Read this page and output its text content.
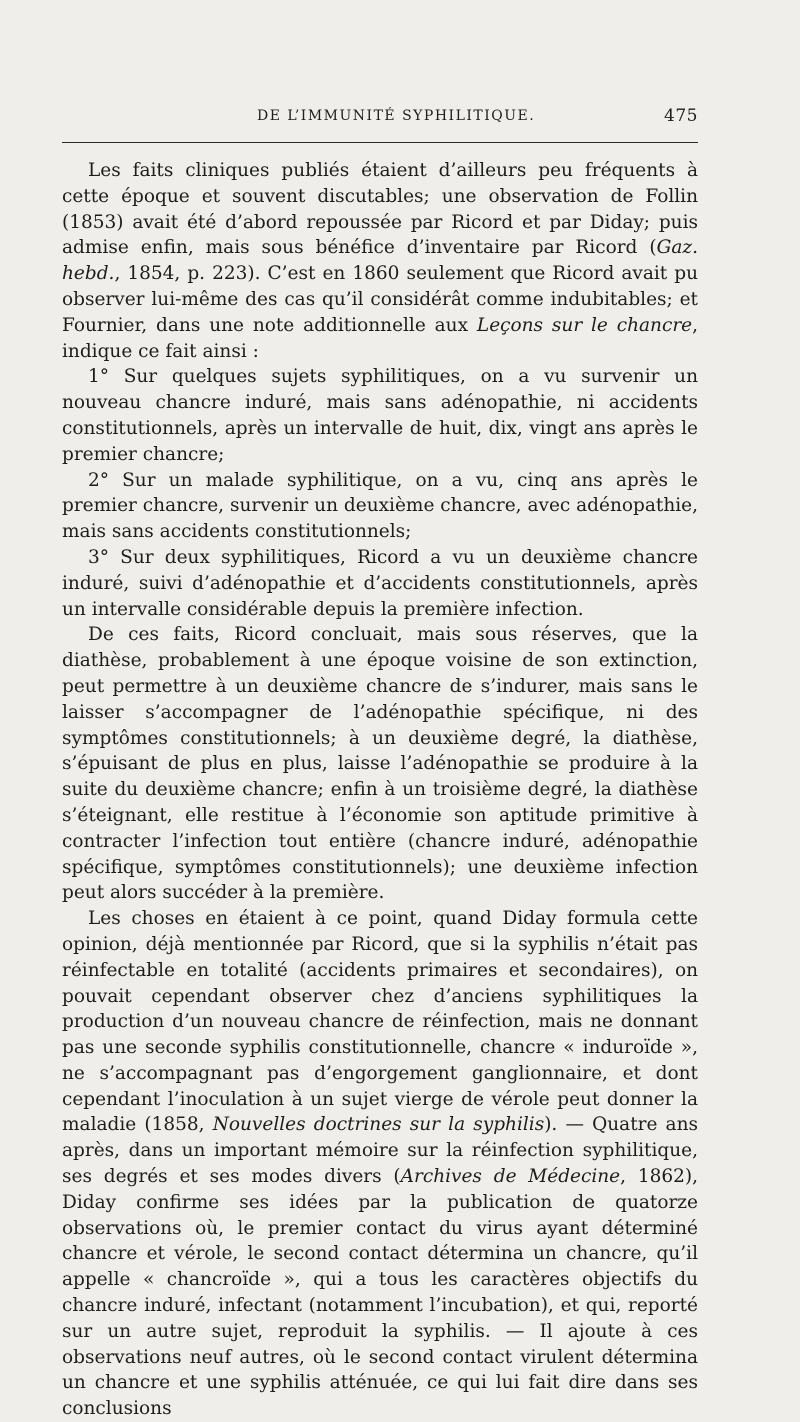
DE L’IMMUNITÉ SYPHILITIQUE.	475

Les faits cliniques publiés étaient d’ailleurs peu fréquents à cette époque et souvent discutables; une observation de Follin (1853) avait été d’abord repoussée par Ricord et par Diday; puis admise enfin, mais sous bénéfice d’inventaire par Ricord (Gaz. hebd., 1854, p. 223). C’est en 1860 seulement que Ricord avait pu observer lui-même des cas qu’il considérât comme indubitables; et Fournier, dans une note additionnelle aux Leçons sur le chancre, indique ce fait ainsi :

1° Sur quelques sujets syphilitiques, on a vu survenir un nouveau chancre induré, mais sans adénopathie, ni accidents constitutionnels, après un intervalle de huit, dix, vingt ans après le premier chancre;

2° Sur un malade syphilitique, on a vu, cinq ans après le premier chancre, survenir un deuxième chancre, avec adénopathie, mais sans accidents constitutionnels;

3° Sur deux syphilitiques, Ricord a vu un deuxième chancre induré, suivi d’adénopathie et d’accidents constitutionnels, après un intervalle considérable depuis la première infection.

De ces faits, Ricord concluait, mais sous réserves, que la diathèse, probablement à une époque voisine de son extinction, peut permettre à un deuxième chancre de s’indurer, mais sans le laisser s’accompagner de l’adénopathie spécifique, ni des symptômes constitutionnels; à un deuxième degré, la diathèse, s’épuisant de plus en plus, laisse l’adénopathie se produire à la suite du deuxième chancre; enfin à un troisième degré, la diathèse s’éteignant, elle restitue à l’économie son aptitude primitive à contracter l’infection tout entière (chancre induré, adénopathie spécifique, symptômes constitutionnels); une deuxième infection peut alors succéder à la première.

Les choses en étaient à ce point, quand Diday formula cette opinion, déjà mentionnée par Ricord, que si la syphilis n’était pas réinfectable en totalité (accidents primaires et secondaires), on pouvait cependant observer chez d’anciens syphilitiques la production d’un nouveau chancre de réinfection, mais ne donnant pas une seconde syphilis constitutionnelle, chancre « induroïde », ne s’accompagnant pas d’engorgement ganglionnaire, et dont cependant l’inoculation à un sujet vierge de vérole peut donner la maladie (1858, Nouvelles doctrines sur la syphilis). — Quatre ans après, dans un important mémoire sur la réinfection syphilitique, ses degrés et ses modes divers (Archives de Médecine, 1862), Diday confirme ses idées par la publication de quatorze observations où, le premier contact du virus ayant déterminé chancre et vérole, le second contact détermina un chancre, qu’il appelle « chancroïde », qui a tous les caractères objectifs du chancre induré, infectant (notamment l’incubation), et qui, reporté sur un autre sujet, reproduit la syphilis. — Il ajoute à ces observations neuf autres, où le second contact virulent détermina un chancre et une syphilis atténuée, ce qui lui fait dire dans ses conclusions
